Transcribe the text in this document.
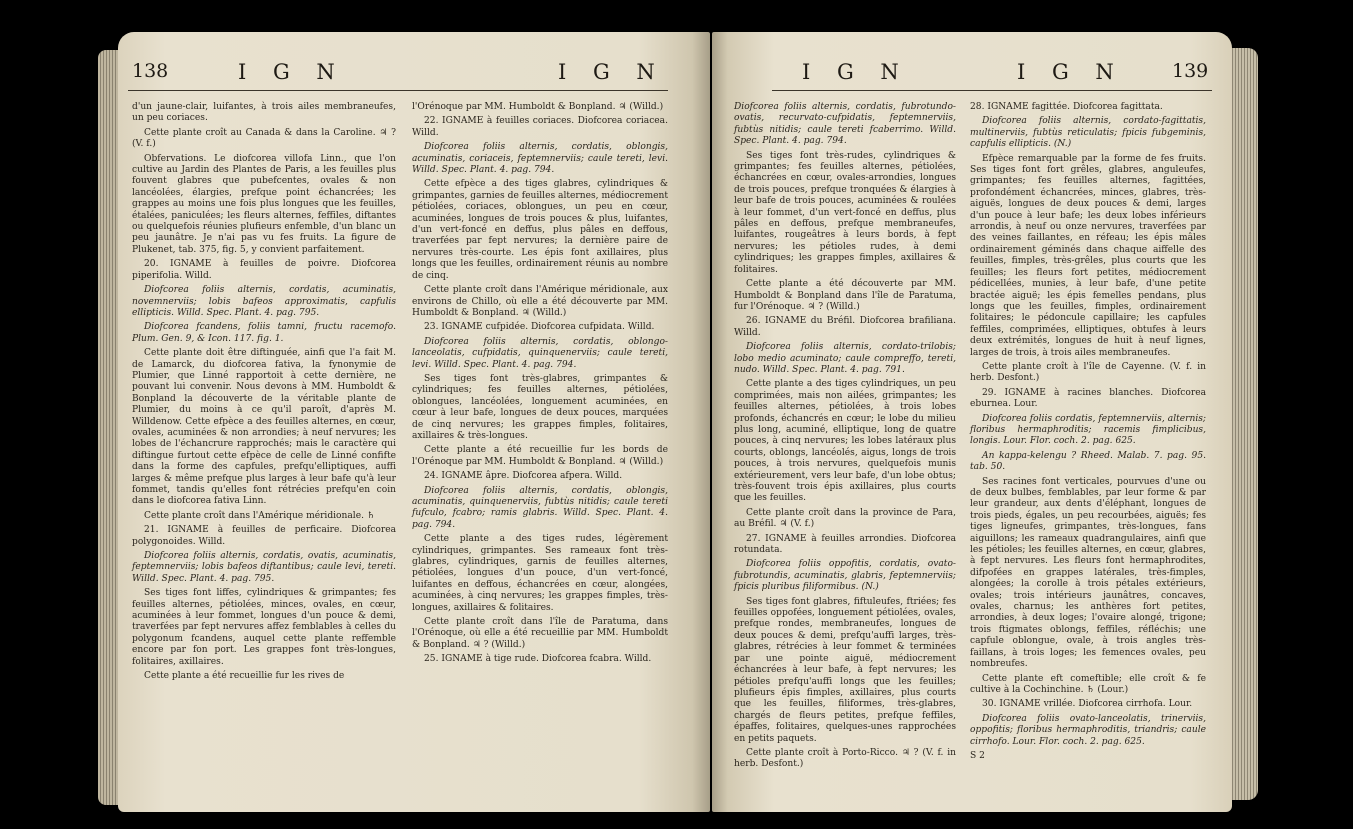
138	I G N	I G N

d'un jaune-clair, luifantes, à trois ailes membraneufes, un peu coriaces.

Cette plante croît au Canada & dans la Caroline. ♃ ? (V. f.)

Obfervations. Le diofcorea villofa Linn., que l'on cultive au Jardin des Plantes de Paris, a les feuilles plus fouvent glabres que pubefcentes, ovales & non lancéolées, élargies, prefque point échancrées; les grappes au moins une fois plus longues que les feuilles, étalées, paniculées; les fleurs alternes, feffiles, diftantes ou quelquefois réunies plufieurs enfemble, d'un blanc un peu jaunâtre. Je n'ai pas vu fes fruits. La figure de Plukenet, tab. 375, fig. 5, y convient parfaitement.

20. IGNAME à feuilles de poivre. Diofcorea piperifolia. Willd.

Diofcorea foliis alternis, cordatis, acuminatis, novemnerviis; lobis bafeos approximatis, capfulis ellipticis. Willd. Spec. Plant. 4. pag. 795.

Diofcorea fcandens, foliis tamni, fructu racemofo. Plum. Gen. 9, & Icon. 117. fig. 1.

Cette plante doit être diftinguée, ainfi que l'a fait M. de Lamarck, du diofcorea fativa, la fynonymie de Plumier, que Linné rapportoit à cette dernière, ne pouvant lui convenir. Nous devons à MM. Humboldt & Bonpland la découverte de la véritable plante de Plumier, du moins à ce qu'il paroît, d'après M. Willdenow. Cette efpèce a des feuilles alternes, en cœur, ovales, acuminées & non arrondies; à neuf nervures; les lobes de l'échancrure rapprochés; mais le caractère qui diftingue furtout cette efpèce de celle de Linné confifte dans la forme des capfules, prefqu'elliptiques, auffi larges & même prefque plus larges à leur bafe qu'à leur fommet, tandis qu'elles font rétrécies prefqu'en coin dans le diofcorea fativa Linn.

Cette plante croît dans l'Amérique méridionale. ♄

21. IGNAME à feuilles de perficaire. Diofcorea polygonoides. Willd.

Diofcorea foliis alternis, cordatis, ovatis, acuminatis, feptemnerviis; lobis bafeos diftantibus; caule levi, tereti. Willd. Spec. Plant. 4. pag. 795.

Ses tiges font liffes, cylindriques & grimpantes; fes feuilles alternes, pétiolées, minces, ovales, en cœur, acuminées à leur fommet, longues d'un pouce & demi, traverfées par fept nervures affez femblables à celles du polygonum fcandens, auquel cette plante reffemble encore par fon port. Les grappes font très-longues, folitaires, axillaires.

Cette plante a été recueillie fur les rives de

l'Orénoque par MM. Humboldt & Bonpland. ♃ (Willd.)

22. IGNAME à feuilles coriaces. Diofcorea coriacea. Willd.

Diofcorea foliis alternis, cordatis, oblongis, acuminatis, coriaceis, feptemnerviis; caule tereti, levi. Willd. Spec. Plant. 4. pag. 794.

Cette efpèce a des tiges glabres, cylindriques & grimpantes, garnies de feuilles alternes, médiocrement pétiolées, coriaces, oblongues, un peu en cœur, acuminées, longues de trois pouces & plus, luifantes, d'un vert-foncé en deffus, plus pâles en deffous, traverfées par fept nervures; la dernière paire de nervures très-courte. Les épis font axillaires, plus longs que les feuilles, ordinairement réunis au nombre de cinq.

Cette plante croît dans l'Amérique méridionale, aux environs de Chillo, où elle a été découverte par MM. Humboldt & Bonpland. ♃ (Willd.)

23. IGNAME cufpidée. Diofcorea cufpidata. Willd.

Diofcorea foliis alternis, cordatis, oblongo-lanceolatis, cufpidatis, quinquenerviis; caule tereti, levi. Willd. Spec. Plant. 4. pag. 794.

Ses tiges font très-glabres, grimpantes & cylindriques; fes feuilles alternes, pétiolées, oblongues, lancéolées, longuement acuminées, en cœur à leur bafe, longues de deux pouces, marquées de cinq nervures; les grappes fimples, folitaires, axillaires & très-longues.

Cette plante a été recueillie fur les bords de l'Orénoque par MM. Humboldt & Bonpland. ♃ (Willd.)

24. IGNAME âpre. Diofcorea afpera. Willd.

Diofcorea foliis alternis, cordatis, oblongis, acuminatis, quinquenerviis, fubtùs nitidis; caule tereti fufculo, fcabro; ramis glabris. Willd. Spec. Plant. 4. pag. 794.

Cette plante a des tiges rudes, légèrement cylindriques, grimpantes. Ses rameaux font très-glabres, cylindriques, garnis de feuilles alternes, pétiolées, longues d'un pouce, d'un vert-foncé, luifantes en deffous, échancrées en cœur, alongées, acuminées, à cinq nervures; les grappes fimples, très-longues, axillaires & folitaires.

Cette plante croît dans l'île de Paratuma, dans l'Orénoque, où elle a été recueillie par MM. Humboldt & Bonpland. ♃ ? (Willd.)

25. IGNAME à tige rude. Diofcorea fcabra. Willd.

I G N	I G N	139

Diofcorea foliis alternis, cordatis, fubrotundo-ovatis, recurvato-cufpidatis, feptemnerviis, fubtùs nitidis; caule tereti fcaberrimo. Willd. Spec. Plant. 4. pag. 794.

Ses tiges font très-rudes, cylindriques & grimpantes; fes feuilles alternes, pétiolées, échancrées en cœur, ovales-arrondies, longues de trois pouces, prefque tronquées & élargies à leur bafe de trois pouces, acuminées & roulées à leur fommet, d'un vert-foncé en deffus, plus pâles en deffous, prefque membraneufes, luifantes, rougeâtres à leurs bords, à fept nervures; les pétioles rudes, à demi cylindriques; les grappes fimples, axillaires & folitaires.

Cette plante a été découverte par MM. Humboldt & Bonpland dans l'île de Paratuma, fur l'Orénoque. ♃ ? (Willd.)

26. IGNAME du Bréfil. Diofcorea brafiliana. Willd.

Diofcorea foliis alternis, cordato-trilobis; lobo medio acuminato; caule compreffo, tereti, nudo. Willd. Spec. Plant. 4. pag. 791.

Cette plante a des tiges cylindriques, un peu comprimées, mais non ailées, grimpantes; les feuilles alternes, pétiolées, à trois lobes profonds, échancrés en cœur; le lobe du milieu plus long, acuminé, elliptique, long de quatre pouces, à cinq nervures; les lobes latéraux plus courts, oblongs, lancéolés, aigus, longs de trois pouces, à trois nervures, quelquefois munis extérieurement, vers leur bafe, d'un lobe obtus; très-fouvent trois épis axillaires, plus courts que les feuilles.

Cette plante croît dans la province de Para, au Bréfil. ♃ (V. f.)

27. IGNAME à feuilles arrondies. Diofcorea rotundata.

Diofcorea foliis oppofitis, cordatis, ovato-fubrotundis, acuminatis, glabris, feptemnerviis; fpicis pluribus filiformibus. (N.)

Ses tiges font glabres, fiftuleufes, ftriées; fes feuilles oppofées, longuement pétiolées, ovales, prefque rondes, membraneufes, longues de deux pouces & demi, prefqu'auffi larges, très-glabres, rétrécies à leur fommet & terminées par une pointe aiguë, médiocrement échancrées à leur bafe, à fept nervures; les pétioles prefqu'auffi longs que les feuilles; plufieurs épis fimples, axillaires, plus courts que les feuilles, filiformes, très-glabres, chargés de fleurs petites, prefque feffiles, épaffes, folitaires, quelques-unes rapprochées en petits paquets.

Cette plante croît à Porto-Ricco. ♃ ? (V. f. in herb. Desfont.)

28. IGNAME fagittée. Diofcorea fagittata.

Diofcorea foliis alternis, cordato-fagittatis, multinerviis, fubtùs reticulatis; fpicis fubgeminis, capfulis ellipticis. (N.)

Efpèce remarquable par la forme de fes fruits. Ses tiges font fort grêles, glabres, anguleufes, grimpantes; fes feuilles alternes, fagittées, profondément échancrées, minces, glabres, très-aiguës, longues de deux pouces & demi, larges d'un pouce à leur bafe; les deux lobes inférieurs arrondis, à neuf ou onze nervures, traverfées par des veines faillantes, en réfeau; les épis mâles ordinairement géminés dans chaque aiffelle des feuilles, fimples, très-grêles, plus courts que les feuilles; les fleurs fort petites, médiocrement pédicellées, munies, à leur bafe, d'une petite bractée aiguë; les épis femelles pendans, plus longs que les feuilles, fimples, ordinairement folitaires; le pédoncule capillaire; les capfules feffiles, comprimées, elliptiques, obtufes à leurs deux extrémités, longues de huit à neuf lignes, larges de trois, à trois ailes membraneufes.

Cette plante croît à l'île de Cayenne. (V. f. in herb. Desfont.)

29. IGNAME à racines blanches. Diofcorea eburnea. Lour.

Diofcorea foliis cordatis, feptemnerviis, alternis; floribus hermaphroditis; racemis fimplicibus, longis. Lour. Flor. coch. 2. pag. 625.

An kappa-kelengu ? Rheed. Malab. 7. pag. 95. tab. 50.

Ses racines font verticales, pourvues d'une ou de deux bulbes, femblables, par leur forme & par leur grandeur, aux dents d'éléphant, longues de trois pieds, égales, un peu recourbées, aiguës; fes tiges ligneufes, grimpantes, très-longues, fans aiguillons; les rameaux quadrangulaires, ainfi que les pétioles; les feuilles alternes, en cœur, glabres, à fept nervures. Les fleurs font hermaphrodites, difpofées en grappes latérales, très-fimples, alongées; la corolle à trois pétales extérieurs, ovales; trois intérieurs jaunâtres, concaves, ovales, charnus; les anthères fort petites, arrondies, à deux loges; l'ovaire alongé, trigone; trois ftigmates oblongs, feffiles, réfléchis; une capfule oblongue, ovale, à trois angles très-faillans, à trois loges; les femences ovales, peu nombreufes.

Cette plante eft comeftible; elle croît & fe cultive à la Cochinchine. ♄ (Lour.)

30. IGNAME vrillée. Diofcorea cirrhofa. Lour.

Diofcorea foliis ovato-lanceolatis, trinerviis, oppofitis; floribus hermaphroditis, triandris; caule cirrhofo. Lour. Flor. coch. 2. pag. 625.

S 2
